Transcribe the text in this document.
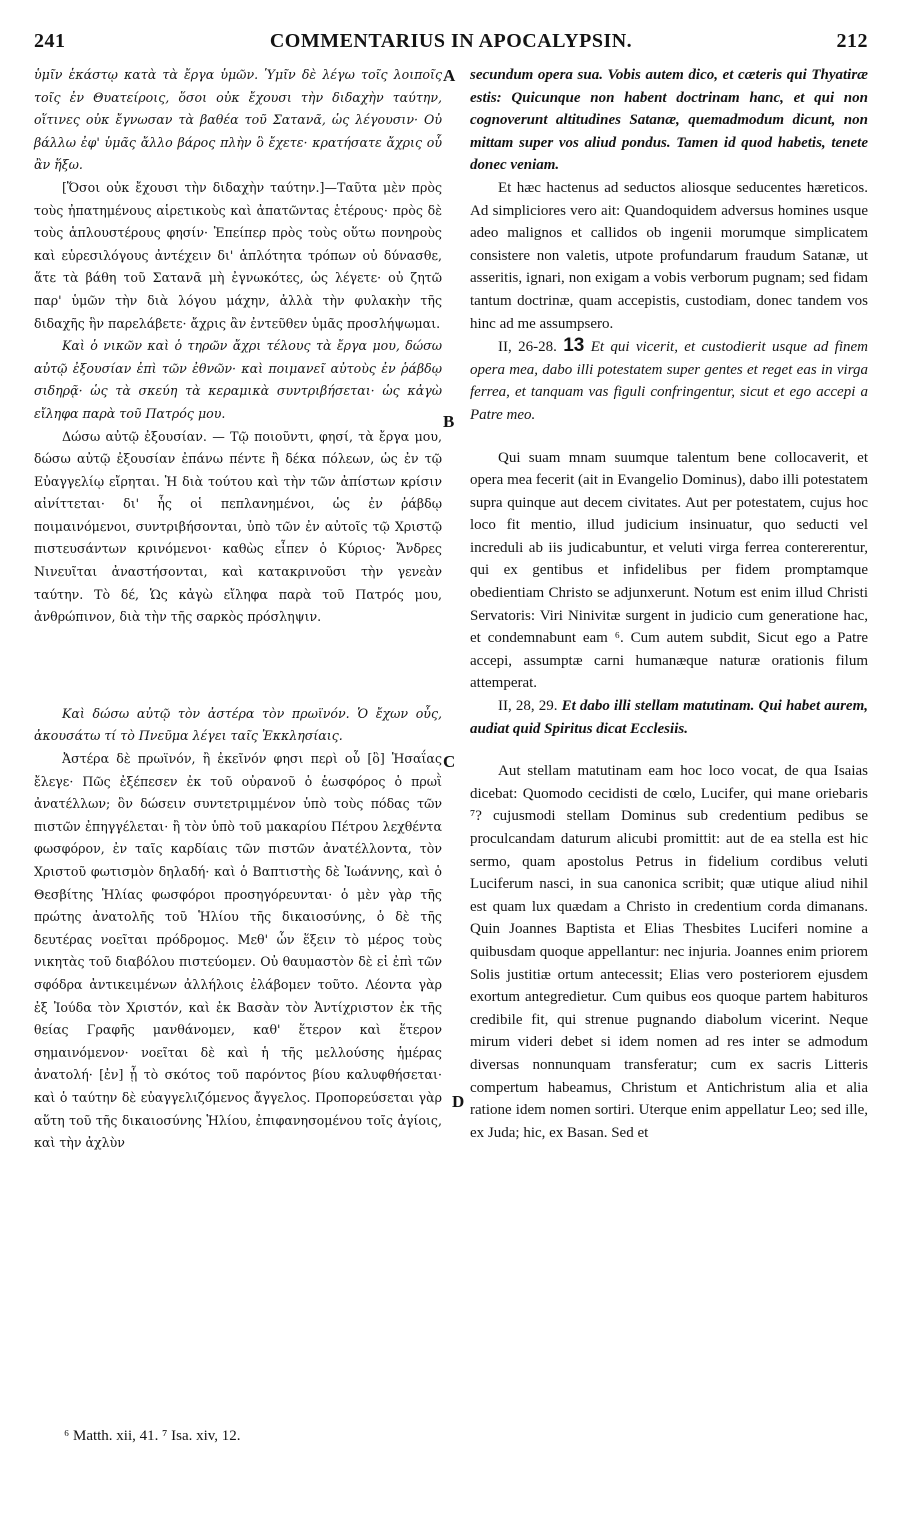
241	COMMENTARIUS IN APOCALYPSIN.	212

ὑμῖν ἑκάστῳ κατὰ τὰ ἔργα ὑμῶν. Ὑμῖν δὲ λέγω τοῖς λοιποῖς τοῖς ἐν Θυατείροις, ὅσοι οὐκ ἔχουσι τὴν διδαχὴν ταύτην, οἵτινες οὐκ ἔγνωσαν τὰ βαθέα τοῦ Σατανᾶ, ὡς λέγουσιν· Οὐ βάλλω ἐφ' ὑμᾶς ἄλλο βάρος πλὴν ὃ ἔχετε· κρατήσατε ἄχρις οὗ ἂν ἥξω.

[Ὅσοι οὐκ ἔχουσι τὴν διδαχὴν ταύτην.]—Ταῦτα μὲν πρὸς τοὺς ἠπατημένους αἱρετικοὺς καὶ ἀπατῶντας ἑτέρους· πρὸς δὲ τοὺς ἁπλουστέρους φησίν· Ἐπείπερ πρὸς τοὺς οὕτω πονηροὺς καὶ εὑρεσιλόγους ἀντέχειν δι' ἁπλότητα τρόπων οὐ δύνασθε, ἅτε τὰ βάθη τοῦ Σατανᾶ μὴ ἐγνωκότες, ὡς λέγετε· οὐ ζητῶ παρ' ὑμῶν τὴν διὰ λόγου μάχην, ἀλλὰ τὴν φυλακὴν τῆς διδαχῆς ἣν παρελάβετε· ἄχρις ἂν ἐντεῦθεν ὑμᾶς προσλήψωμαι.

Καὶ ὁ νικῶν καὶ ὁ τηρῶν ἄχρι τέλους τὰ ἔργα μου, δώσω αὐτῷ ἐξουσίαν ἐπὶ τῶν ἐθνῶν· καὶ ποιμανεῖ αὐτοὺς ἐν ῥάβδῳ σιδηρᾷ· ὡς τὰ σκεύη τὰ κεραμικὰ συντριβήσεται· ὡς κἀγὼ εἴληφα παρὰ τοῦ Πατρός μου.

Δώσω αὐτῷ ἐξουσίαν. — Τῷ ποιοῦντι, φησί, τὰ ἔργα μου, δώσω αὐτῷ ἐξουσίαν ἐπάνω πέντε ἢ δέκα πόλεων, ὡς ἐν τῷ Εὐαγγελίῳ εἴρηται. Ἡ διὰ τούτου καὶ τὴν τῶν ἀπίστων κρίσιν αἰνίττεται· δι' ἧς οἱ πεπλανημένοι, ὡς ἐν ῥάβδῳ ποιμαινόμενοι, συντριβήσονται, ὑπὸ τῶν ἐν αὐτοῖς τῷ Χριστῷ πιστευσάντων κρινόμενοι· καθὼς εἶπεν ὁ Κύριος· Ἄνδρες Νινευῖται ἀναστήσονται, καὶ κατακρινοῦσι τὴν γενεὰν ταύτην. Τὸ δέ, Ὡς κἀγὼ εἴληφα παρὰ τοῦ Πατρός μου, ἀνθρώπινον, διὰ τὴν τῆς σαρκὸς πρόσληψιν.

Καὶ δώσω αὐτῷ τὸν ἀστέρα τὸν πρωϊνόν. Ὁ ἔχων οὖς, ἀκουσάτω τί τὸ Πνεῦμα λέγει ταῖς Ἐκκλησίαις.

Ἀστέρα δὲ πρωϊνόν, ἢ ἐκεῖνόν φησι περὶ οὗ [ὃ] Ἡσαΐας ἔλεγε· Πῶς ἐξέπεσεν ἐκ τοῦ οὐρανοῦ ὁ ἑωσφόρος ὁ πρωῒ ἀνατέλλων; ὃν δώσειν συντετριμμένον ὑπὸ τοὺς πόδας τῶν πιστῶν ἐπηγγέλεται· ἢ τὸν ὑπὸ τοῦ μακαρίου Πέτρου λεχθέντα φωσφόρον, ἐν ταῖς καρδίαις τῶν πιστῶν ἀνατέλλοντα, τὸν Χριστοῦ φωτισμὸν δηλαδή· καὶ ὁ Βαπτιστὴς δὲ Ἰωάννης, καὶ ὁ Θεσβίτης Ἡλίας φωσφόροι προσηγόρευνται· ὁ μὲν γὰρ τῆς πρώτης ἀνατολῆς τοῦ Ἡλίου τῆς δικαιοσύνης, ὁ δὲ τῆς δευτέρας νοεῖται πρόδρομος. Μεθ' ὧν ἕξειν τὸ μέρος τοὺς νικητὰς τοῦ διαβόλου πιστεύομεν. Οὐ θαυμαστὸν δὲ εἰ ἐπὶ τῶν σφόδρα ἀντικειμένων ἀλλήλοις ἐλάβομεν τοῦτο. Λέοντα γὰρ ἐξ Ἰούδα τὸν Χριστόν, καὶ ἐκ Βασὰν τὸν Ἀντίχριστον ἐκ τῆς θείας Γραφῆς μανθάνομεν, καθ' ἕτερον καὶ ἕτερον σημαινόμενον· νοεῖται δὲ καὶ ἡ τῆς μελλούσης ἡμέρας ἀνατολή· [ἐν] ᾗ τὸ σκότος τοῦ παρόντος βίου καλυφθήσεται· καὶ ὁ ταύτην δὲ εὐαγγελιζόμενος ἄγγελος. Προπορεύσεται γὰρ αὕτη τοῦ τῆς δικαιοσύνης Ἡλίου, ἐπιφανησομένου τοῖς ἁγίοις, καὶ τὴν ἀχλὺν

secundum opera sua. Vobis autem dico, et cæteris qui Thyatiræ estis: Quicunque non habent doctrinam hanc, et qui non cognoverunt altitudines Satanæ, quemadmodum dicunt, non mittam super vos aliud pondus. Tamen id quod habetis, tenete donec veniam.

Et hæc hactenus ad seductos aliosque seducentes hæreticos. Ad simpliciores vero ait: Quandoquidem adversus homines usque adeo malignos et callidos ob ingenii morumque simplicatem consistere non valetis, utpote profundarum fraudum Satanæ, ut asseritis, ignari, non exigam a vobis verborum pugnam; sed fidam tantum doctrinæ, quam accepistis, custodiam, donec tandem vos hinc ad me assumpsero.

II, 26-28. 13 Et qui vicerit, et custodierit usque ad finem opera mea, dabo illi potestatem super gentes et reget eas in virga ferrea, et tanquam vas figuli confringentur, sicut et ego accepi a Patre meo.

Qui suam mnam suumque talentum bene collocaverit, et opera mea fecerit (ait in Evangelio Dominus), dabo illi potestatem supra quinque aut decem civitates. Aut per potestatem, cujus hoc loco fit mentio, illud judicium insinuatur, quo seducti vel increduli ab iis judicabuntur, et veluti virga ferrea contererentur, qui ex gentibus et infidelibus per fidem promptamque obedientiam Christo se adjunxerunt. Notum est enim illud Christi Servatoris: Viri Ninivitæ surgent in judicio cum generatione hac, et condemnabunt eam ⁶. Cum autem subdit, Sicut ego a Patre accepi, assumptæ carni humanæque naturæ orationis filum attemperat.

II, 28, 29. Et dabo illi stellam matutinam. Qui habet aurem, audiat quid Spiritus dicat Ecclesiis.

Aut stellam matutinam eam hoc loco vocat, de qua Isaias dicebat: Quomodo cecidisti de cœlo, Lucifer, qui mane oriebaris ⁷? cujusmodi stellam Dominus sub credentium pedibus se proculcandam daturum alicubi promittit: aut de ea stella est hic sermo, quam apostolus Petrus in fidelium cordibus veluti Luciferum nasci, in sua canonica scribit; quæ utique aliud nihil est quam lux quædam a Christo in credentium corda dimanans. Quin Joannes Baptista et Elias Thesbites Luciferi nomine a quibusdam quoque appellantur: nec injuria. Joannes enim priorem Solis justitiæ ortum antecessit; Elias vero posteriorem ejusdem exortum antegredietur. Cum quibus eos quoque partem habituros credibile fit, qui strenue pugnando diabolum vicerint. Neque mirum videri debet si idem nomen ad res inter se admodum diversas nonnunquam transferatur; cum ex sacris Litteris compertum habeamus, Christum et Antichristum alia et alia ratione idem nomen sortiri. Uterque enim appellatur Leo; sed ille, ex Juda; hic, ex Basan. Sed et

A
B
C
D
⁶ Matth. xii, 41. ⁷ Isa. xiv, 12.
